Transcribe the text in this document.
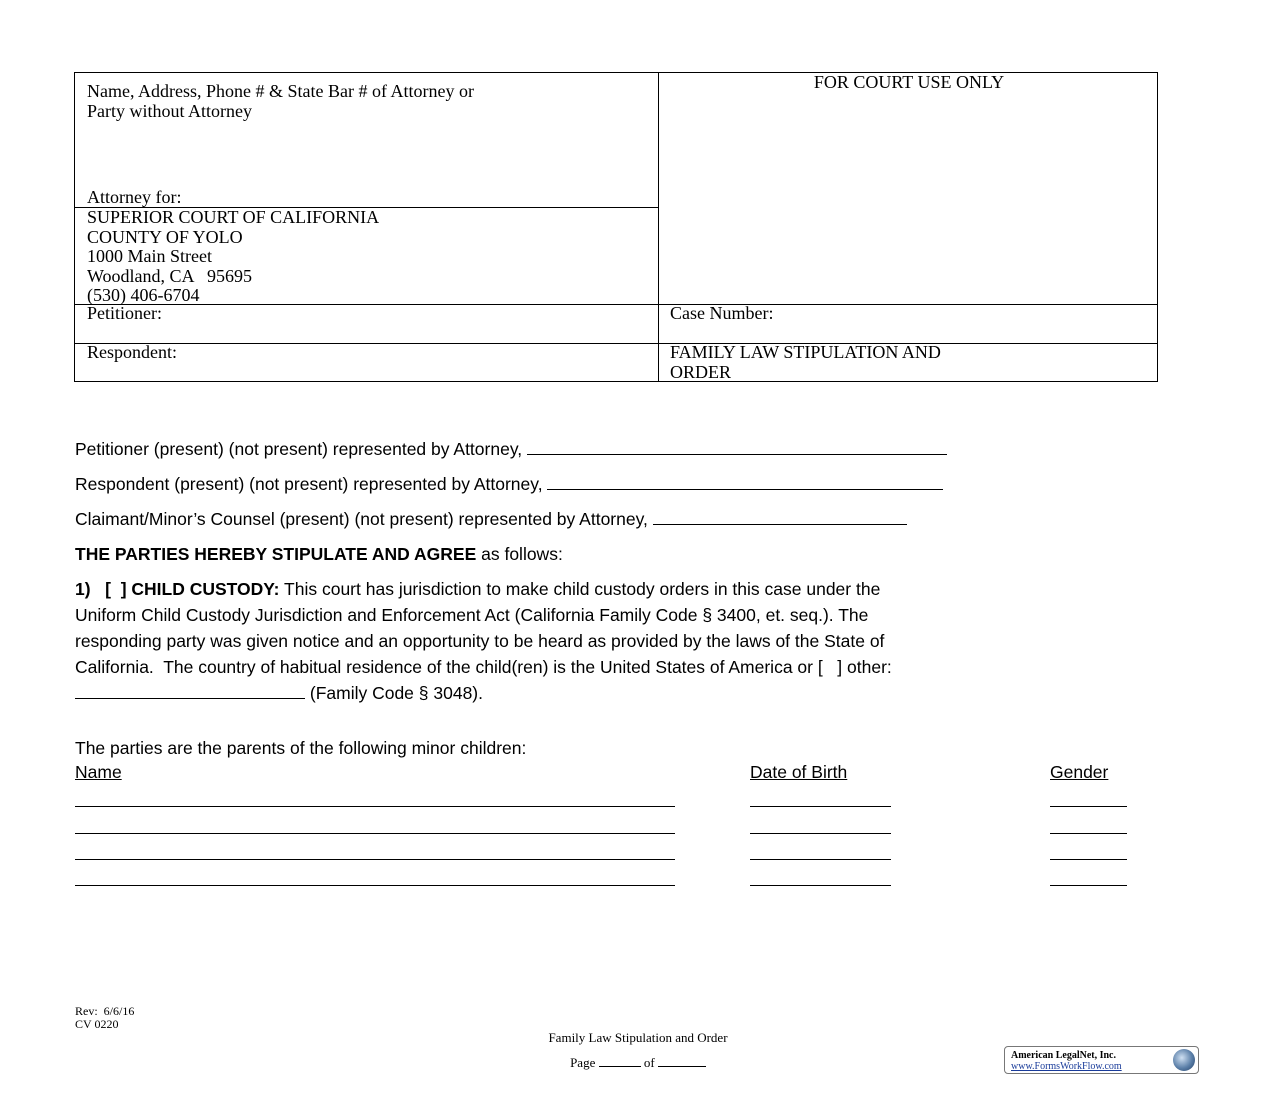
Name, Address, Phone # & State Bar # of Attorney or
Party without Attorney
Attorney for:
SUPERIOR COURT OF CALIFORNIA
COUNTY OF YOLO
1000 Main Street
Woodland, CA   95695
(530) 406-6704
FOR COURT USE ONLY
Petitioner:	Case Number:
Respondent:	FAMILY LAW STIPULATION AND
ORDER
Petitioner (present) (not present) represented by Attorney,
Respondent (present) (not present) represented by Attorney,
Claimant/Minor’s Counsel (present) (not present) represented by Attorney,
THE PARTIES HEREBY STIPULATE AND AGREE as follows:
1)   [  ] CHILD CUSTODY: This court has jurisdiction to make child custody orders in this case under the
Uniform Child Custody Jurisdiction and Enforcement Act (California Family Code § 3400, et. seq.). The
responding party was given notice and an opportunity to be heard as provided by the laws of the State of
California.  The country of habitual residence of the child(ren) is the United States of America or [   ] other:
(Family Code § 3048).
The parties are the parents of the following minor children:
Name	Date of Birth	Gender
Rev:  6/6/16
CV 0220
Family Law Stipulation and Order
Page	of	American LegalNet, Inc.
www.FormsWorkFlow.com
